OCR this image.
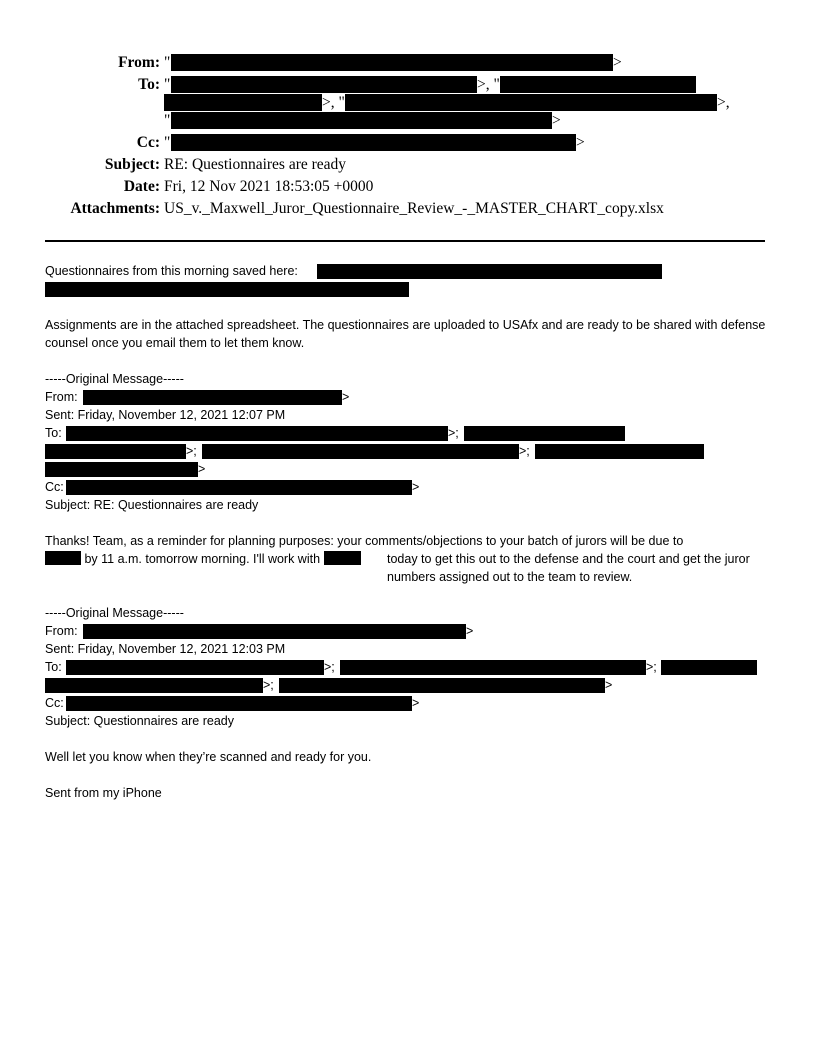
From: "	>
To: "	>, "
>, "	>,
"	>
Cc: "	>
Subject: RE: Questionnaires are ready
Date: Fri, 12 Nov 2021 18:53:05 +0000
Attachments: US_v._Maxwell_Juror_Questionnaire_Review_-_MASTER_CHART_copy.xlsx
Questionnaires from this morning saved here:
Assignments are in the attached spreadsheet. The questionnaires are uploaded to USAfx and are ready to be shared with defense counsel once you email them to let them know.
-----Original Message-----
From:	>
Sent: Friday, November 12, 2021 12:07 PM
To:	>;
>;	>;
>
Cc:	>
Subject: RE: Questionnaires are ready
Thanks! Team, as a reminder for planning purposes: your comments/objections to your batch of jurors will be due to
by 11 a.m. tomorrow morning. I'll work with	today to get this out to the defense and the court and get the juror numbers assigned out to the team to review.
-----Original Message-----
From:	>
Sent: Friday, November 12, 2021 12:03 PM
To:	>;	>;
>;	>
Cc:	>
Subject: Questionnaires are ready
Well let you know when they’re scanned and ready for you.
Sent from my iPhone
